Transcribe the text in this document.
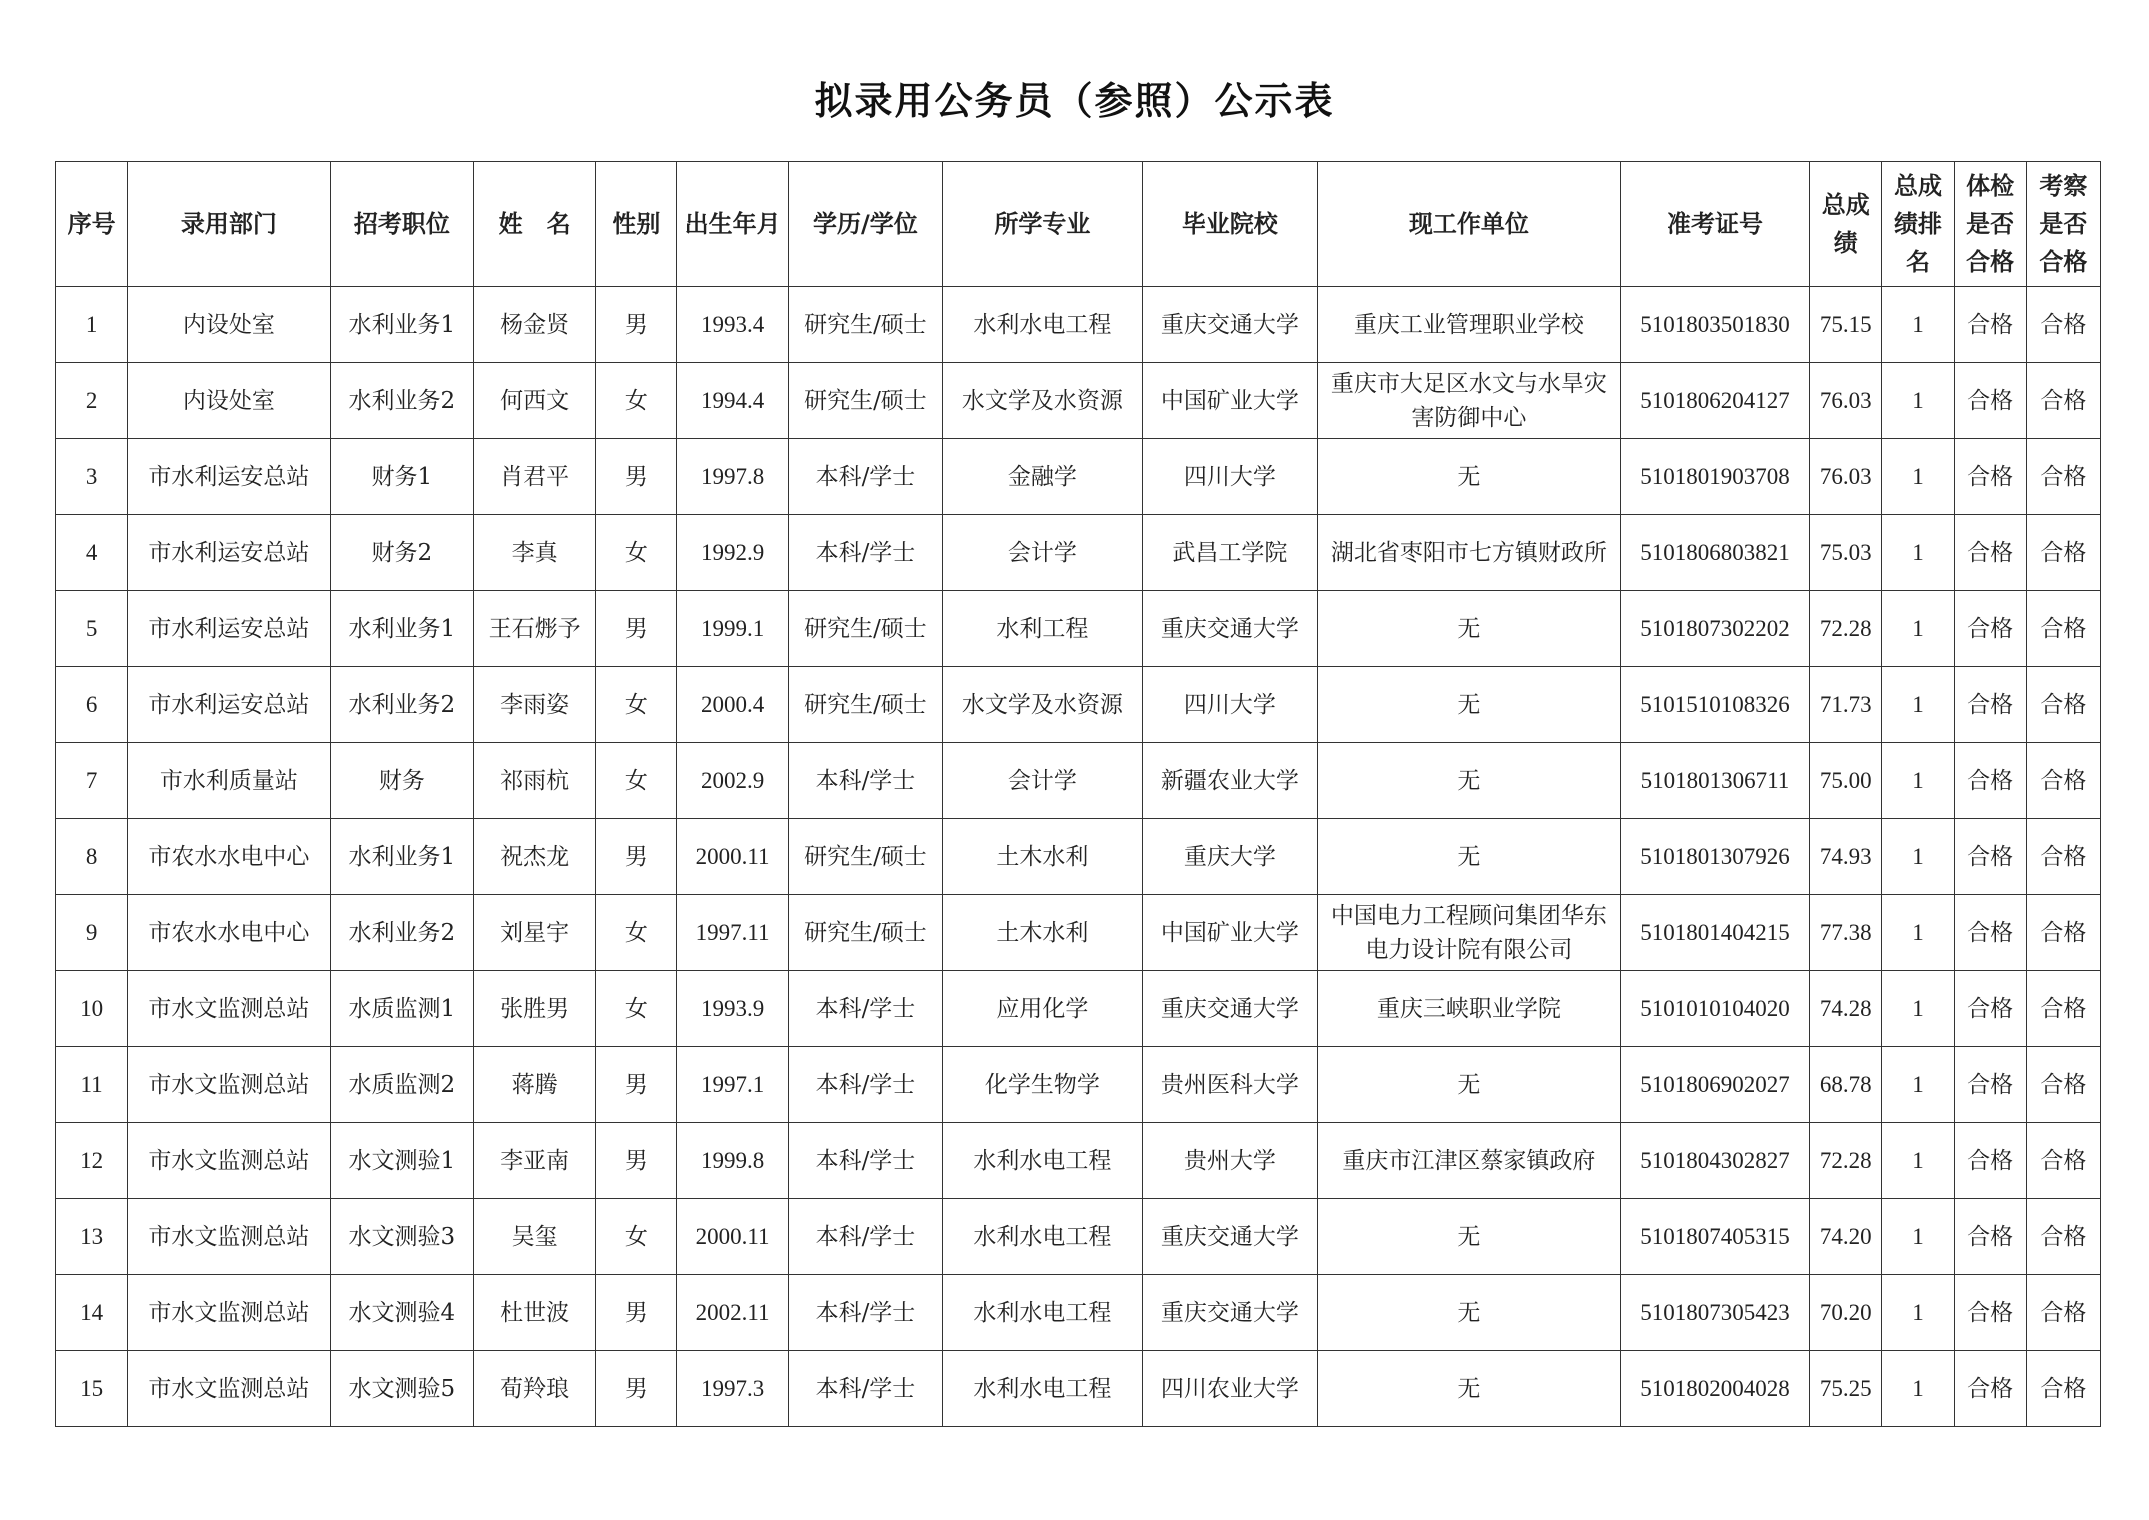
拟录用公务员（参照）公示表
序号	录用部门	招考职位	姓　名	性别	出生年月	学历/学位	所学专业	毕业院校	现工作单位	准考证号	总成绩	总成绩排名	体检是否合格	考察是否合格
1	内设处室	水利业务1	杨金贤	男	1993.4	研究生/硕士	水利水电工程	重庆交通大学	重庆工业管理职业学校	5101803501830	75.15	1	合格	合格
2	内设处室	水利业务2	何西文	女	1994.4	研究生/硕士	水文学及水资源	中国矿业大学	重庆市大足区水文与水旱灾害防御中心	5101806204127	76.03	1	合格	合格
3	市水利运安总站	财务1	肖君平	男	1997.8	本科/学士	金融学	四川大学	无	5101801903708	76.03	1	合格	合格
4	市水利运安总站	财务2	李真	女	1992.9	本科/学士	会计学	武昌工学院	湖北省枣阳市七方镇财政所	5101806803821	75.03	1	合格	合格
5	市水利运安总站	水利业务1	王石烿予	男	1999.1	研究生/硕士	水利工程	重庆交通大学	无	5101807302202	72.28	1	合格	合格
6	市水利运安总站	水利业务2	李雨姿	女	2000.4	研究生/硕士	水文学及水资源	四川大学	无	5101510108326	71.73	1	合格	合格
7	市水利质量站	财务	祁雨杭	女	2002.9	本科/学士	会计学	新疆农业大学	无	5101801306711	75.00	1	合格	合格
8	市农水水电中心	水利业务1	祝杰龙	男	2000.11	研究生/硕士	土木水利	重庆大学	无	5101801307926	74.93	1	合格	合格
9	市农水水电中心	水利业务2	刘星宇	女	1997.11	研究生/硕士	土木水利	中国矿业大学	中国电力工程顾问集团华东电力设计院有限公司	5101801404215	77.38	1	合格	合格
10	市水文监测总站	水质监测1	张胜男	女	1993.9	本科/学士	应用化学	重庆交通大学	重庆三峡职业学院	5101010104020	74.28	1	合格	合格
11	市水文监测总站	水质监测2	蒋腾	男	1997.1	本科/学士	化学生物学	贵州医科大学	无	5101806902027	68.78	1	合格	合格
12	市水文监测总站	水文测验1	李亚南	男	1999.8	本科/学士	水利水电工程	贵州大学	重庆市江津区蔡家镇政府	5101804302827	72.28	1	合格	合格
13	市水文监测总站	水文测验3	吴玺	女	2000.11	本科/学士	水利水电工程	重庆交通大学	无	5101807405315	74.20	1	合格	合格
14	市水文监测总站	水文测验4	杜世波	男	2002.11	本科/学士	水利水电工程	重庆交通大学	无	5101807305423	70.20	1	合格	合格
15	市水文监测总站	水文测验5	荀羚琅	男	1997.3	本科/学士	水利水电工程	四川农业大学	无	5101802004028	75.25	1	合格	合格
